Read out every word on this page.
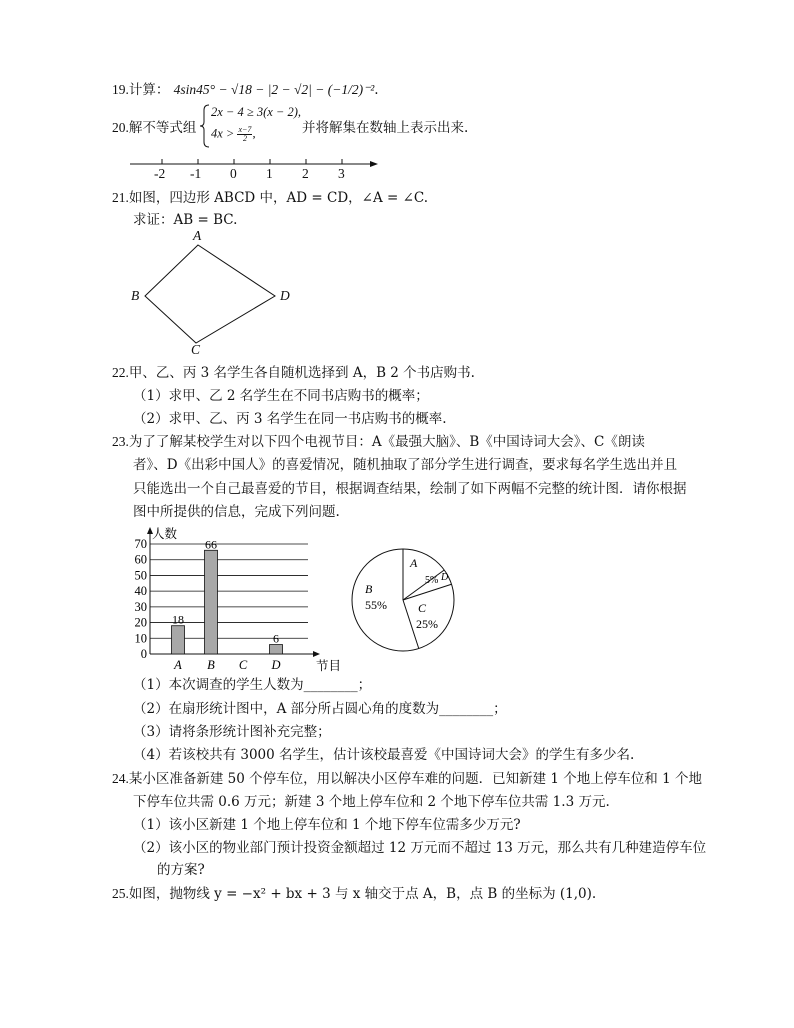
19.计算： 4sin45° − √18 − |2 − √2| − (−1/2)⁻².
20.解不等式组
2x − 4 ≥ 3(x − 2),
$4x > \frac{x-7}{2}$ ,	并将解集在数轴上表示出来.
-2 -1 0 1 2 3
21.如图，四边形 ABCD 中，AD = CD，∠A = ∠C.
求证：AB = BC.
A
B
C
D
22.甲、乙、丙 3 名学生各自随机选择到 A，B 2 个书店购书.
（1）求甲、乙 2 名学生在不同书店购书的概率；
（2）求甲、乙、丙 3 名学生在同一书店购书的概率.
23.为了了解某校学生对以下四个电视节目：A《最强大脑》、B《中国诗词大会》、C《朗读
者》、D《出彩中国人》的喜爱情况，随机抽取了部分学生进行调查，要求每名学生选出并且
只能选出一个自己最喜爱的节目，根据调查结果，绘制了如下两幅不完整的统计图．请你根据
图中所提供的信息，完成下列问题.
0
10
20
30
40
50
60
70
人数
节目
18
A
66
B C
6
D
A
5% D
C
25%
B
55%
（1）本次调查的学生人数为________；
（2）在扇形统计图中，A 部分所占圆心角的度数为________；
（3）请将条形统计图补充完整；
（4）若该校共有 3000 名学生，估计该校最喜爱《中国诗词大会》的学生有多少名.
24.某小区准备新建 50 个停车位，用以解决小区停车难的问题．已知新建 1 个地上停车位和 1 个地
下停车位共需 0.6 万元；新建 3 个地上停车位和 2 个地下停车位共需 1.3 万元.
（1）该小区新建 1 个地上停车位和 1 个地下停车位需多少万元?
（2）该小区的物业部门预计投资金额超过 12 万元而不超过 13 万元，那么共有几种建造停车位
的方案?
25.如图，抛物线 y = −x² + bx + 3 与 x 轴交于点 A，B，点 B 的坐标为 (1,0).
